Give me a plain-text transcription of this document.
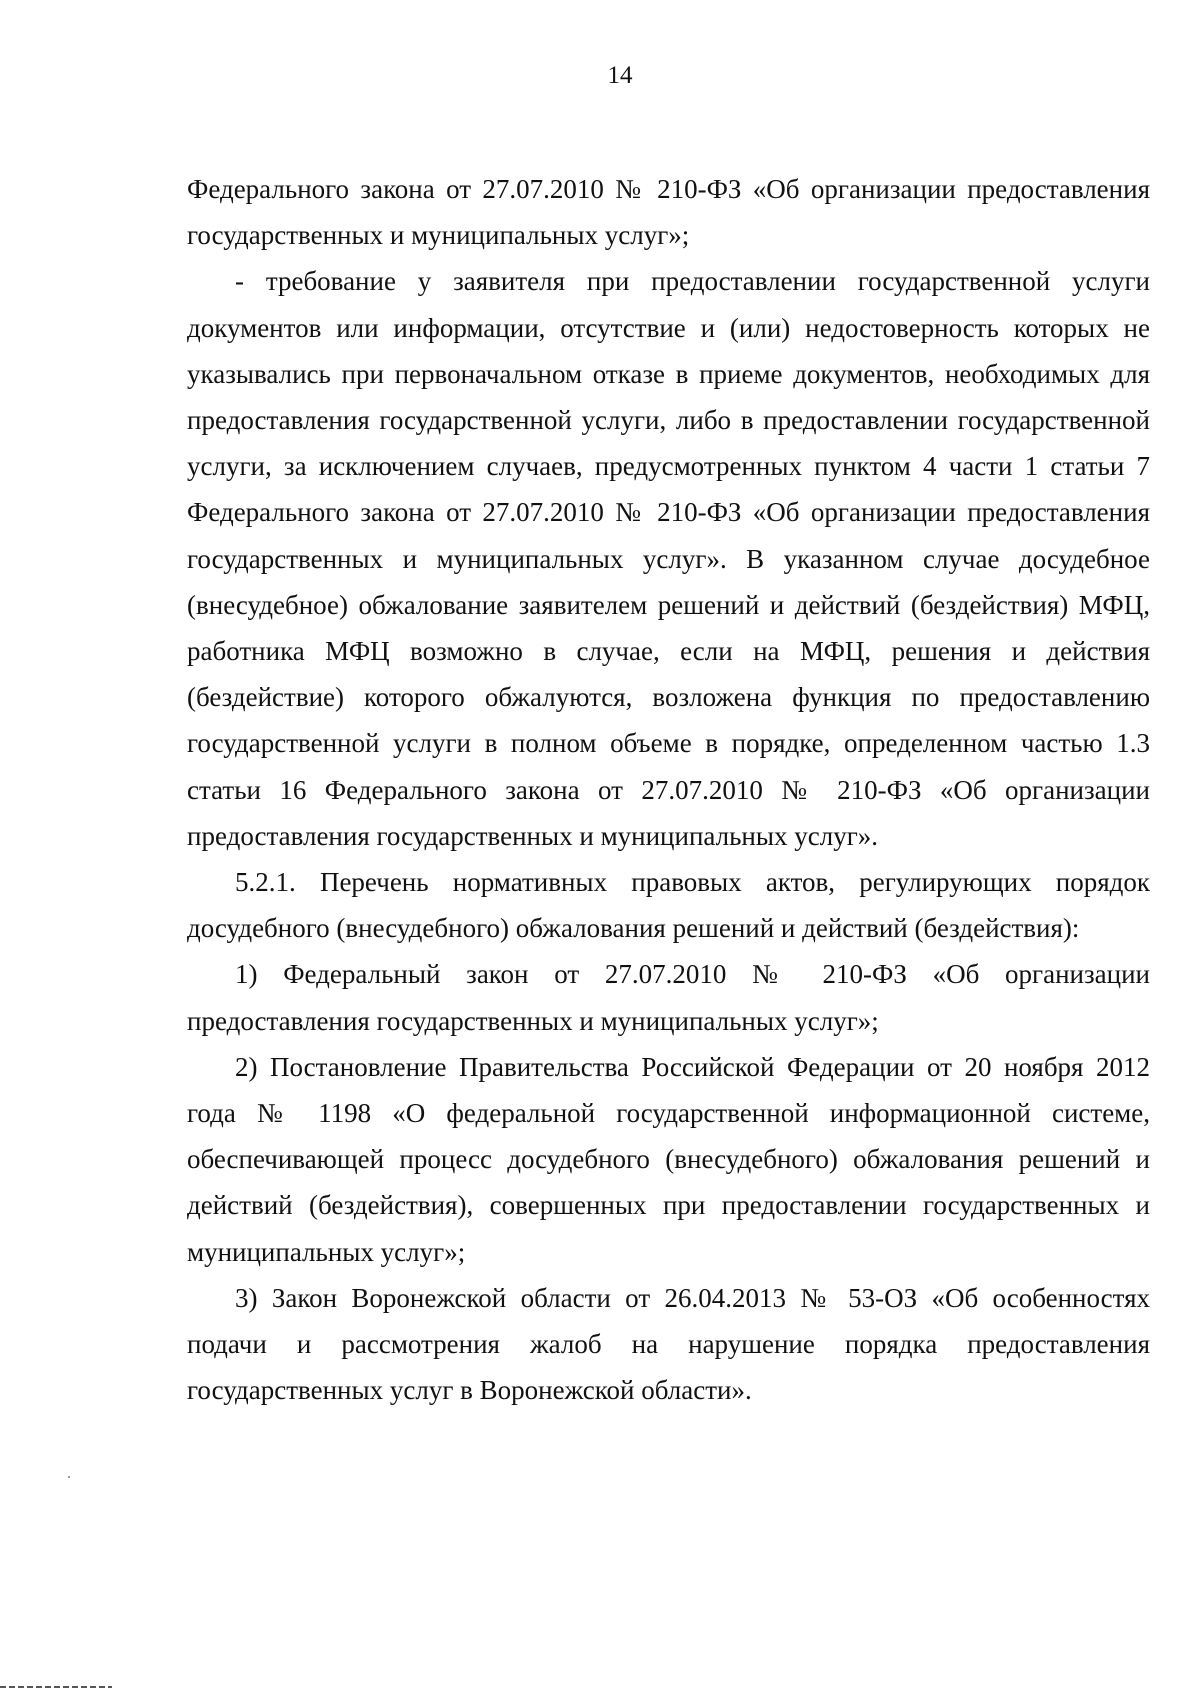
14

Федерального закона от 27.07.2010 № 210-ФЗ «Об организации предоставления государственных и муниципальных услуг»;

- требование у заявителя при предоставлении государственной услуги документов или информации, отсутствие и (или) недостоверность которых не указывались при первоначальном отказе в приеме документов, необходимых для предоставления государственной услуги, либо в предоставлении государственной услуги, за исключением случаев, предусмотренных пунктом 4 части 1 статьи 7 Федерального закона от 27.07.2010 № 210-ФЗ «Об организации предоставления государственных и муниципальных услуг». В указанном случае досудебное (внесудебное) обжалование заявителем решений и действий (бездействия) МФЦ, работника МФЦ возможно в случае, если на МФЦ, решения и действия (бездействие) которого обжалуются, возложена функция по предоставлению государственной услуги в полном объеме в порядке, определенном частью 1.3 статьи 16 Федерального закона от 27.07.2010 № 210-ФЗ «Об организации предоставления государственных и муниципальных услуг».

5.2.1. Перечень нормативных правовых актов, регулирующих порядок досудебного (внесудебного) обжалования решений и действий (бездействия):

1) Федеральный закон от 27.07.2010 № 210-ФЗ «Об организации предоставления государственных и муниципальных услуг»;

2) Постановление Правительства Российской Федерации от 20 ноября 2012 года № 1198 «О федеральной государственной информационной системе, обеспечивающей процесс досудебного (внесудебного) обжалования решений и действий (бездействия), совершенных при предоставлении государственных и муниципальных услуг»;

3) Закон Воронежской области от 26.04.2013 № 53-ОЗ «Об особенностях подачи и рассмотрения жалоб на нарушение порядка предоставления государственных услуг в Воронежской области».
